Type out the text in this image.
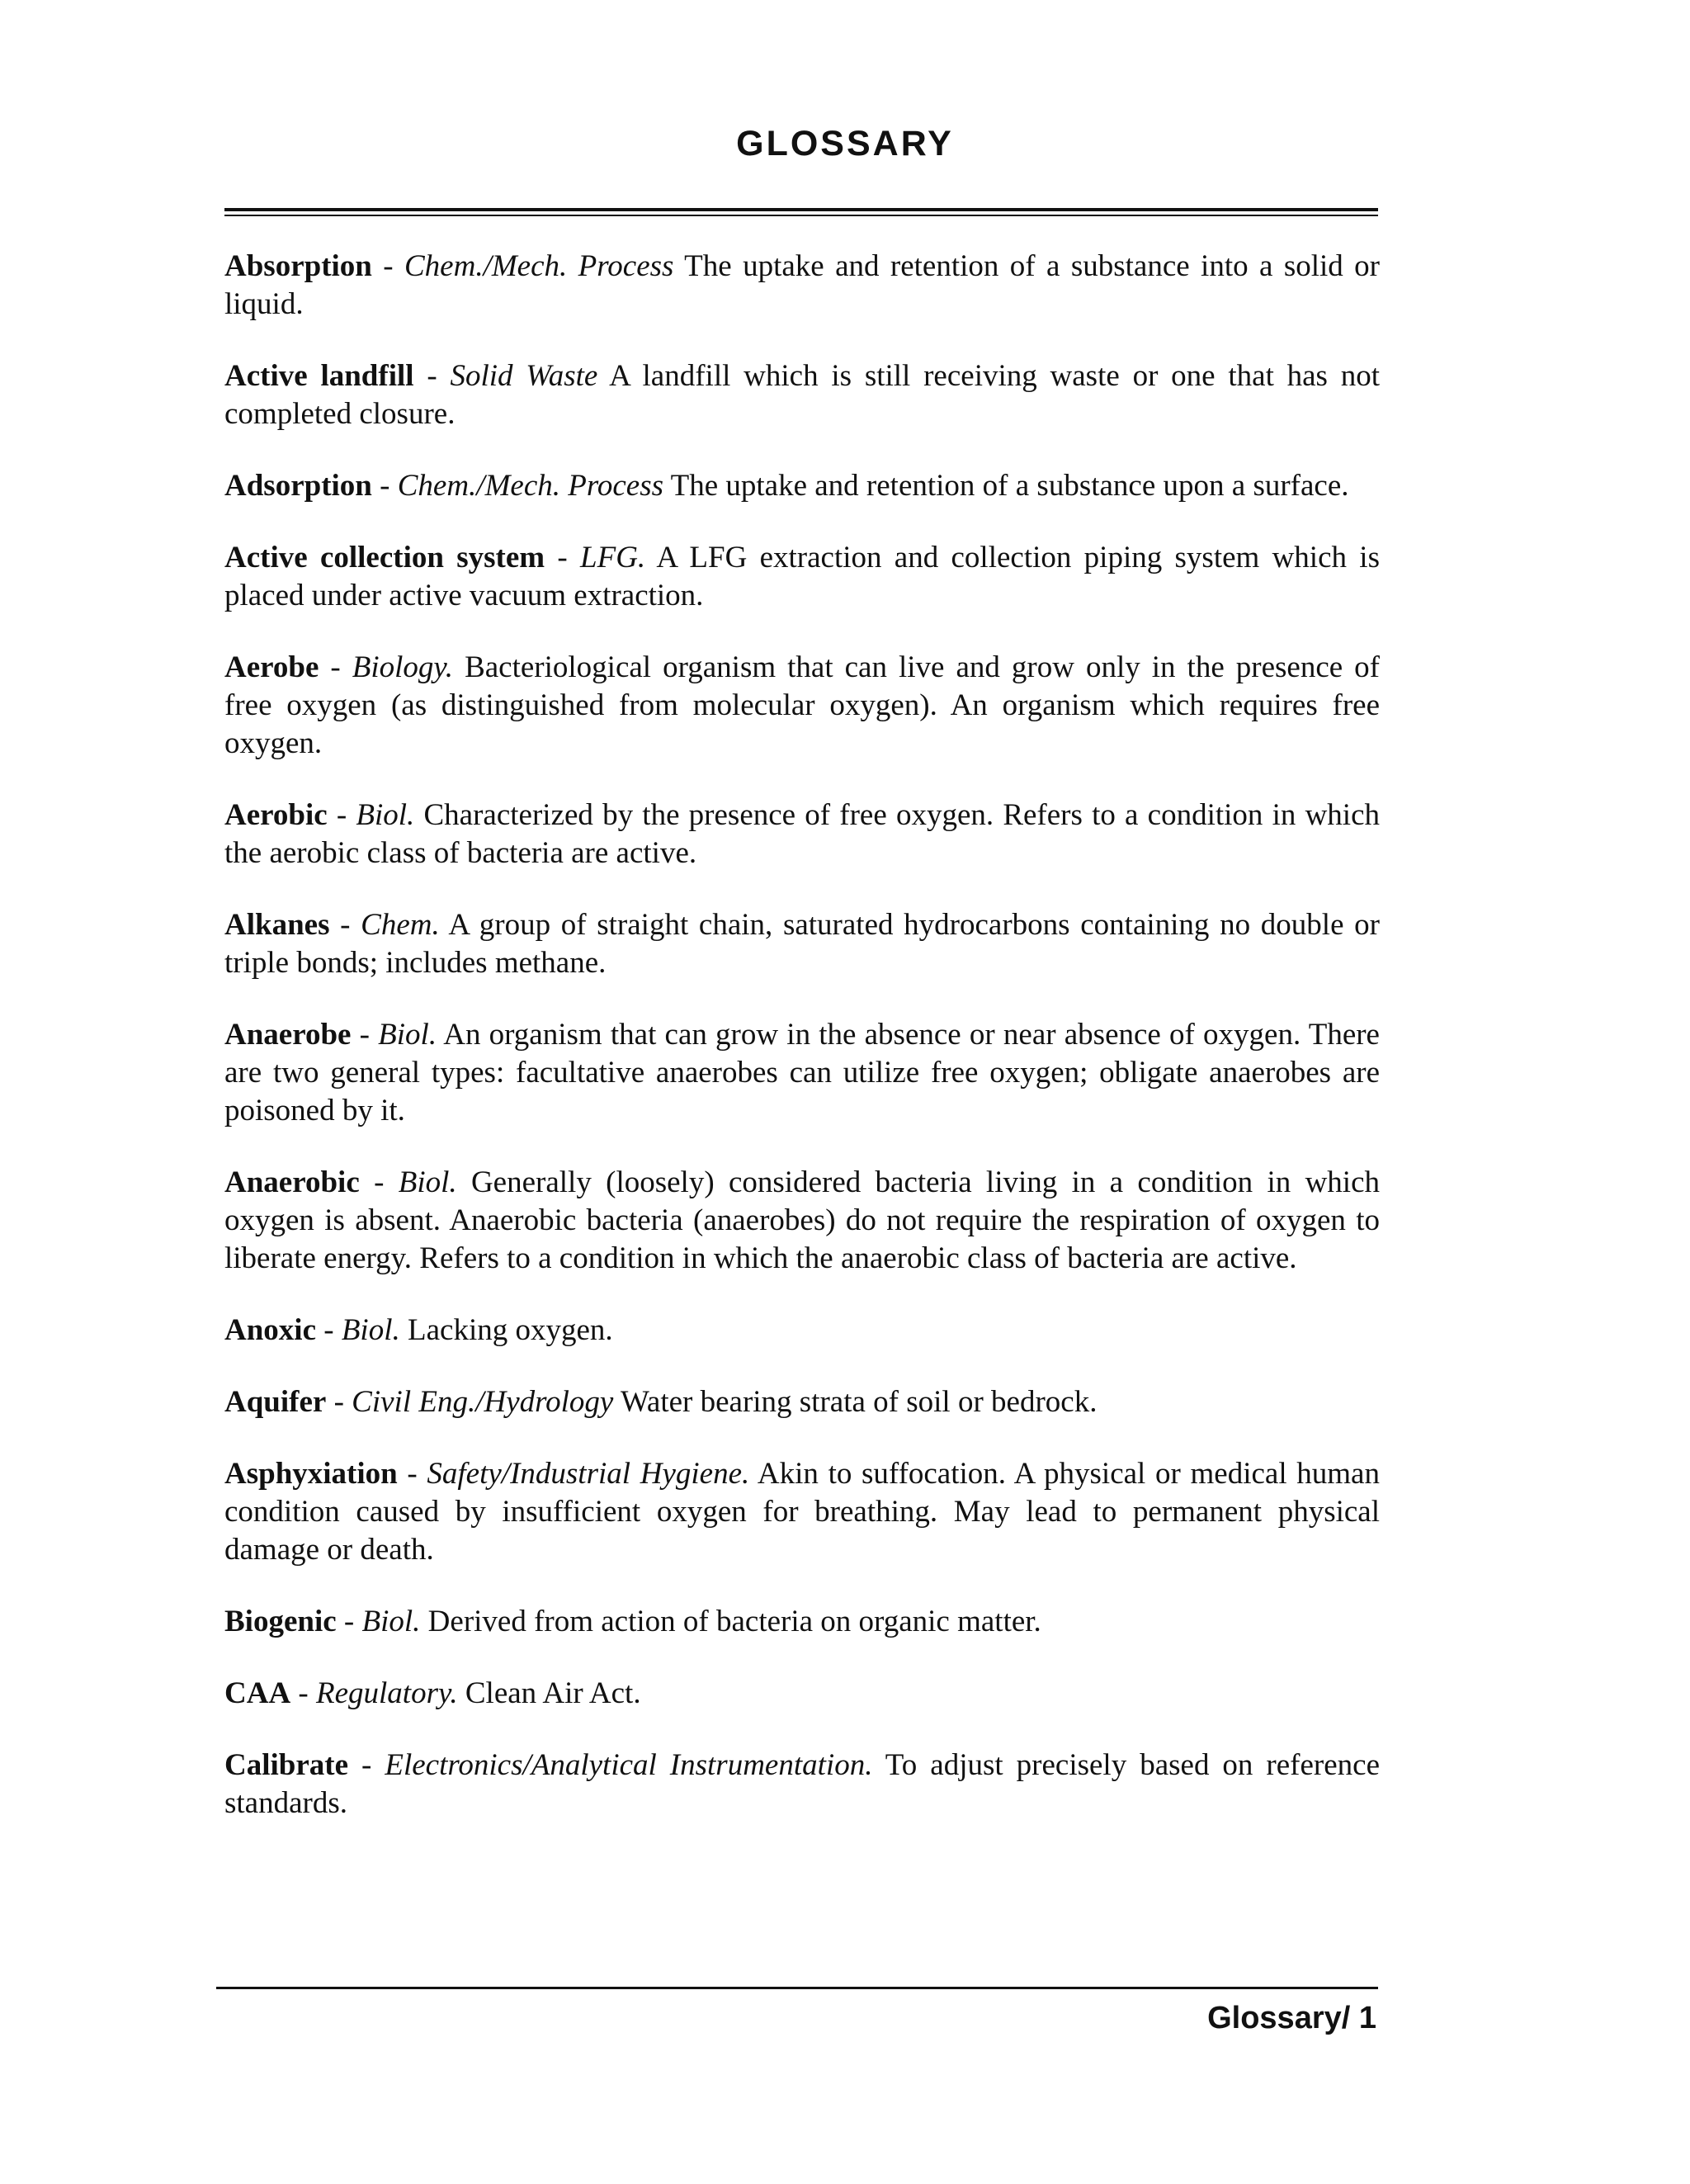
GLOSSARY

Absorption - Chem./Mech. Process The uptake and retention of a substance into a solid or liquid.

Active landfill - Solid Waste A landfill which is still receiving waste or one that has not completed closure.

Adsorption - Chem./Mech. Process The uptake and retention of a substance upon a surface.

Active collection system - LFG. A LFG extraction and collection piping system which is placed under active vacuum extraction.

Aerobe - Biology. Bacteriological organism that can live and grow only in the presence of free oxygen (as distinguished from molecular oxygen). An organism which requires free oxygen.

Aerobic - Biol. Characterized by the presence of free oxygen. Refers to a condition in which the aerobic class of bacteria are active.

Alkanes - Chem. A group of straight chain, saturated hydrocarbons containing no double or triple bonds; includes methane.

Anaerobe - Biol. An organism that can grow in the absence or near absence of oxygen. There are two general types: facultative anaerobes can utilize free oxygen; obligate anaerobes are poisoned by it.

Anaerobic - Biol. Generally (loosely) considered bacteria living in a condition in which oxygen is absent. Anaerobic bacteria (anaerobes) do not require the respiration of oxygen to liberate energy. Refers to a condition in which the anaerobic class of bacteria are active.

Anoxic - Biol. Lacking oxygen.

Aquifer - Civil Eng./Hydrology Water bearing strata of soil or bedrock.

Asphyxiation - Safety/Industrial Hygiene. Akin to suffocation. A physical or medical human condition caused by insufficient oxygen for breathing. May lead to permanent physical damage or death.

Biogenic - Biol. Derived from action of bacteria on organic matter.

CAA - Regulatory. Clean Air Act.

Calibrate - Electronics/Analytical Instrumentation. To adjust precisely based on reference standards.

Glossary/ 1
